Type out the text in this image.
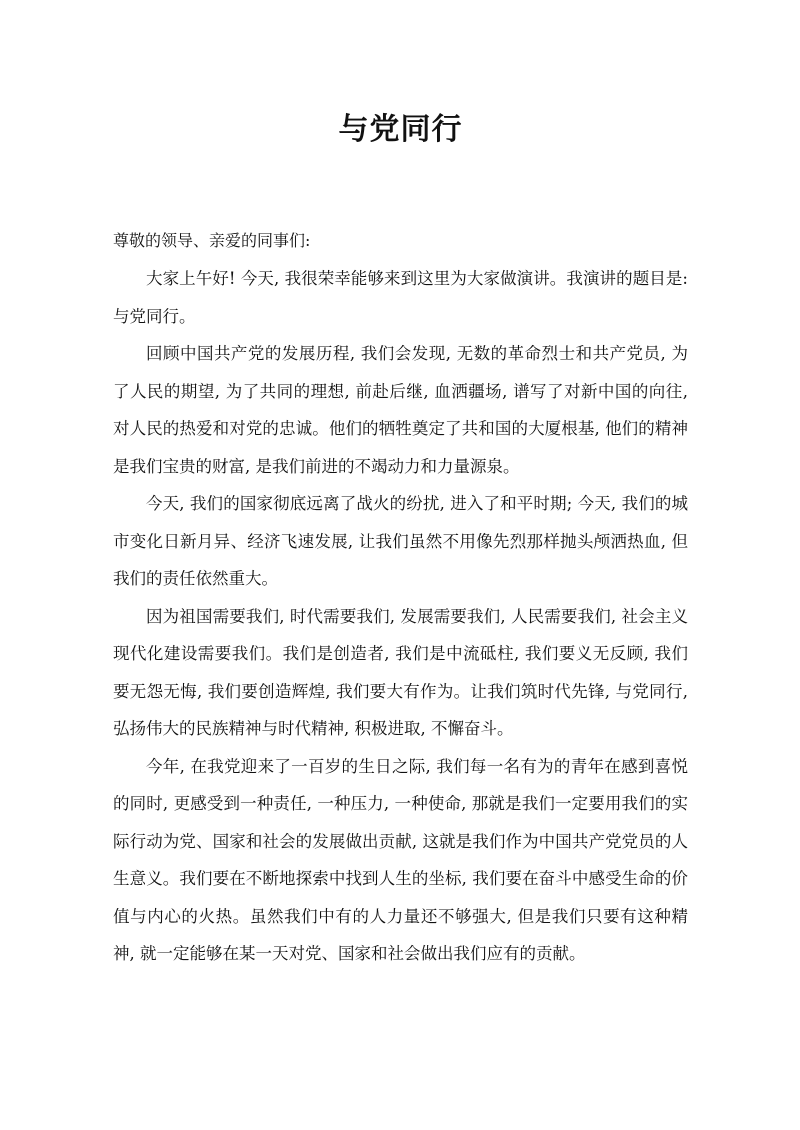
与党同行

尊敬的领导、亲爱的同事们:

大家上午好! 今天, 我很荣幸能够来到这里为大家做演讲。我演讲的题目是: 与党同行。

回顾中国共产党的发展历程, 我们会发现, 无数的革命烈士和共产党员, 为了人民的期望, 为了共同的理想, 前赴后继, 血洒疆场, 谱写了对新中国的向往, 对人民的热爱和对党的忠诚。他们的牺牲奠定了共和国的大厦根基, 他们的精神是我们宝贵的财富, 是我们前进的不竭动力和力量源泉。

今天, 我们的国家彻底远离了战火的纷扰, 进入了和平时期; 今天, 我们的城市变化日新月异、经济飞速发展, 让我们虽然不用像先烈那样抛头颅洒热血, 但我们的责任依然重大。

因为祖国需要我们, 时代需要我们, 发展需要我们, 人民需要我们, 社会主义现代化建设需要我们。我们是创造者, 我们是中流砥柱, 我们要义无反顾, 我们要无怨无悔, 我们要创造辉煌, 我们要大有作为。让我们筑时代先锋, 与党同行, 弘扬伟大的民族精神与时代精神, 积极进取, 不懈奋斗。

今年, 在我党迎来了一百岁的生日之际, 我们每一名有为的青年在感到喜悦的同时, 更感受到一种责任, 一种压力, 一种使命, 那就是我们一定要用我们的实际行动为党、国家和社会的发展做出贡献, 这就是我们作为中国共产党党员的人生意义。我们要在不断地探索中找到人生的坐标, 我们要在奋斗中感受生命的价值与内心的火热。虽然我们中有的人力量还不够强大, 但是我们只要有这种精神, 就一定能够在某一天对党、国家和社会做出我们应有的贡献。
